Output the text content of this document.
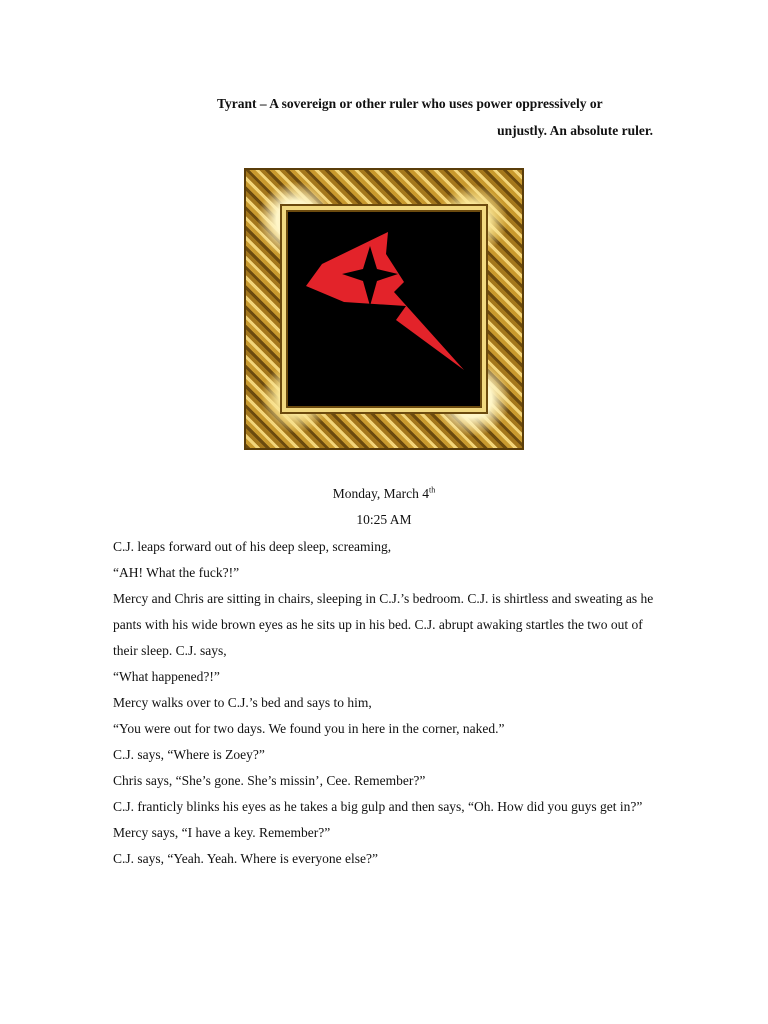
Tyrant – A sovereign or other ruler who uses power oppressively or
unjustly. An absolute ruler.
Monday, March 4th
10:25 AM

C.J. leaps forward out of his deep sleep, screaming,

“AH! What the fuck?!”

Mercy and Chris are sitting in chairs, sleeping in C.J.’s bedroom. C.J. is shirtless and sweating as he pants with his wide brown eyes as he sits up in his bed. C.J. abrupt awaking startles the two out of their sleep. C.J. says,

“What happened?!”

Mercy walks over to C.J.’s bed and says to him,

“You were out for two days. We found you in here in the corner, naked.”

C.J. says, “Where is Zoey?”

Chris says, “She’s gone. She’s missin’, Cee. Remember?”

C.J. franticly blinks his eyes as he takes a big gulp and then says, “Oh. How did you guys get in?”

Mercy says, “I have a key. Remember?”

C.J. says, “Yeah. Yeah. Where is everyone else?”
